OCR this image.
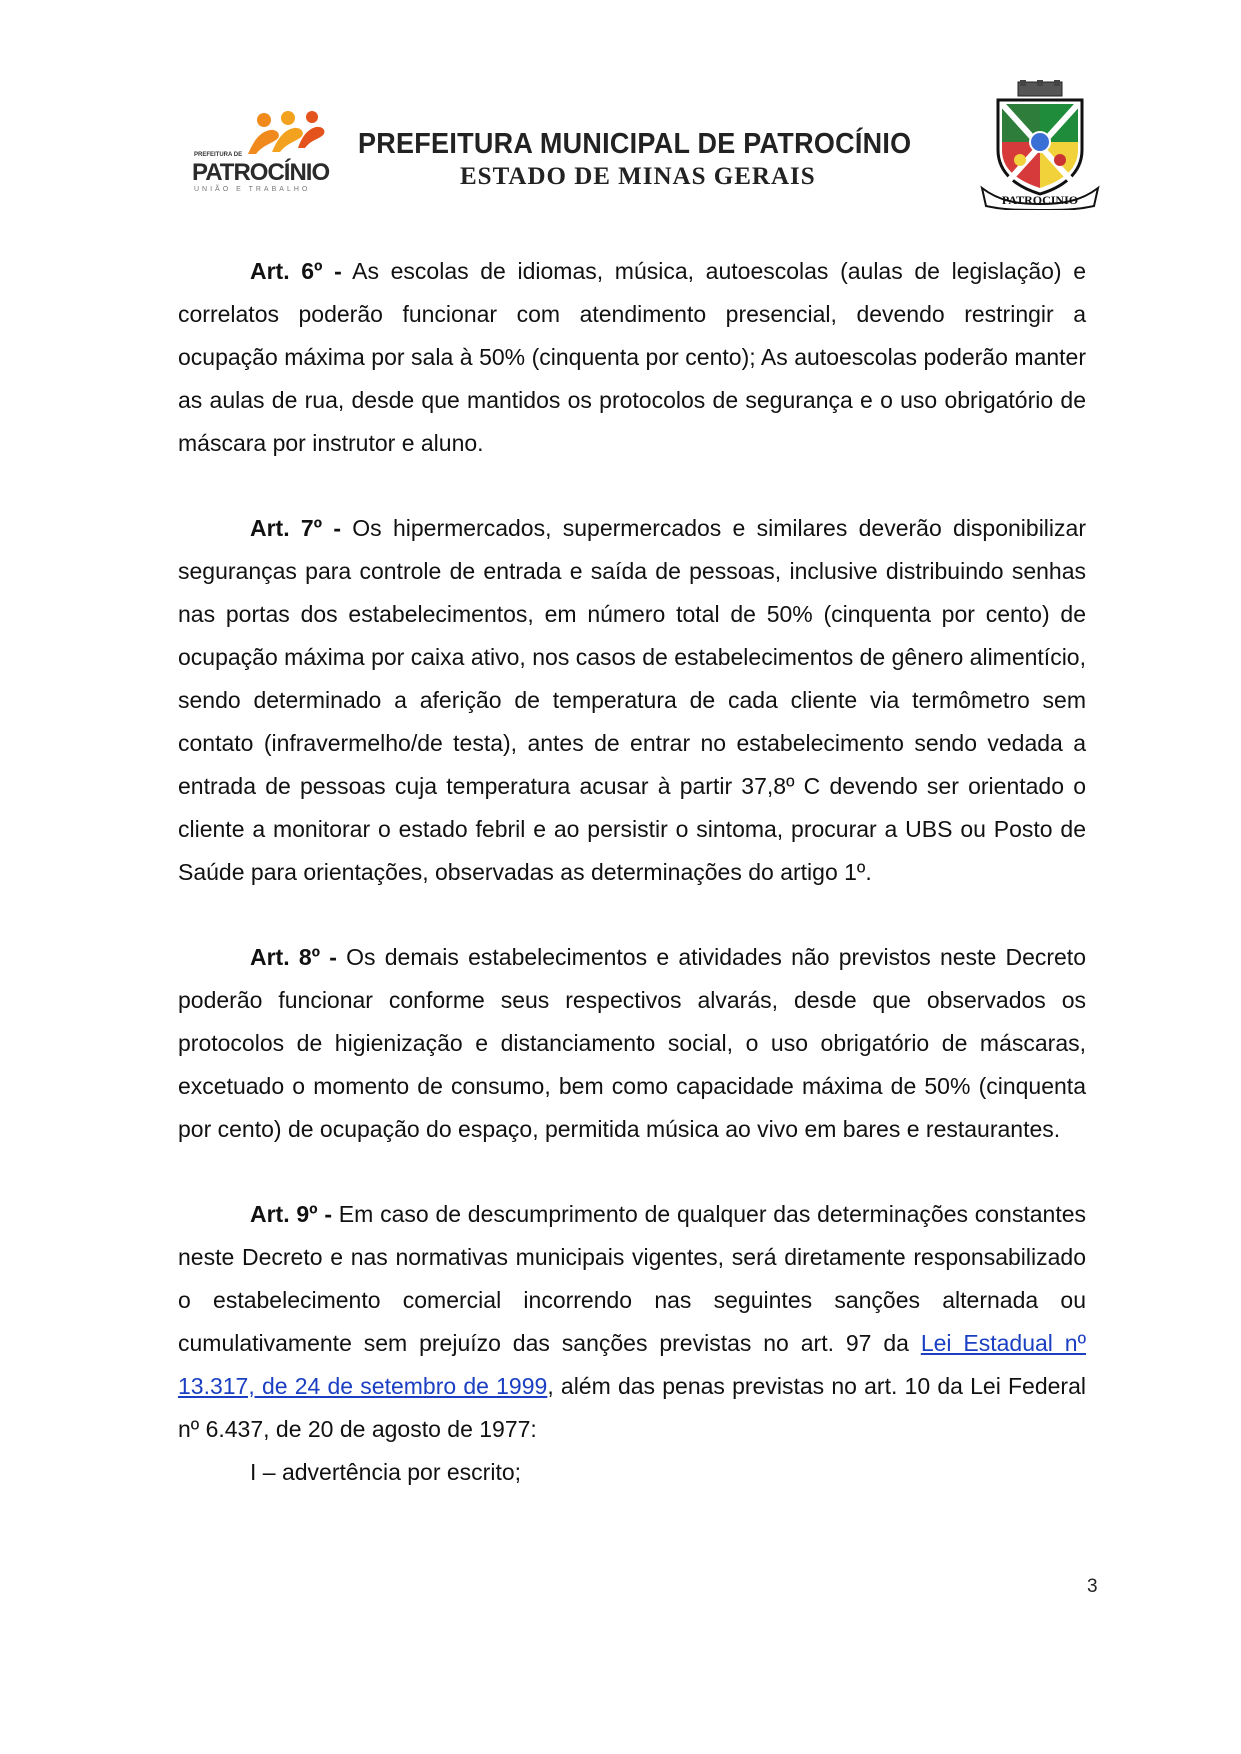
PREFEITURA DE
PATROCÍNIO
UNIÃO E TRABALHO
PREFEITURA MUNICIPAL DE PATROCÍNIO
ESTADO DE MINAS GERAIS
PATROCINIO

Art. 6º - As escolas de idiomas, música, autoescolas (aulas de legislação) e correlatos poderão funcionar com atendimento presencial, devendo restringir a ocupação máxima por sala à 50% (cinquenta por cento); As autoescolas poderão manter as aulas de rua, desde que mantidos os protocolos de segurança e o uso obrigatório de máscara por instrutor e aluno.

Art. 7º - Os hipermercados, supermercados e similares deverão disponibilizar seguranças para controle de entrada e saída de pessoas, inclusive distribuindo senhas nas portas dos estabelecimentos, em número total de 50% (cinquenta por cento) de ocupação máxima por caixa ativo, nos casos de estabelecimentos de gênero alimentício, sendo determinado a aferição de temperatura de cada cliente via termômetro sem contato (infravermelho/de testa), antes de entrar no estabelecimento sendo vedada a entrada de pessoas cuja temperatura acusar à partir 37,8º C devendo ser orientado o cliente a monitorar o estado febril e ao persistir o sintoma, procurar a UBS ou Posto de Saúde para orientações, observadas as determinações do artigo 1º.

Art. 8º - Os demais estabelecimentos e atividades não previstos neste Decreto poderão funcionar conforme seus respectivos alvarás, desde que observados os protocolos de higienização e distanciamento social, o uso obrigatório de máscaras, excetuado o momento de consumo, bem como capacidade máxima de 50% (cinquenta por cento) de ocupação do espaço, permitida música ao vivo em bares e restaurantes.

Art. 9º - Em caso de descumprimento de qualquer das determinações constantes neste Decreto e nas normativas municipais vigentes, será diretamente responsabilizado o estabelecimento comercial incorrendo nas seguintes sanções alternada ou cumulativamente sem prejuízo das sanções previstas no art. 97 da Lei Estadual nº 13.317, de 24 de setembro de 1999, além das penas previstas no art. 10 da Lei Federal nº 6.437, de 20 de agosto de 1977:

I – advertência por escrito;
3
